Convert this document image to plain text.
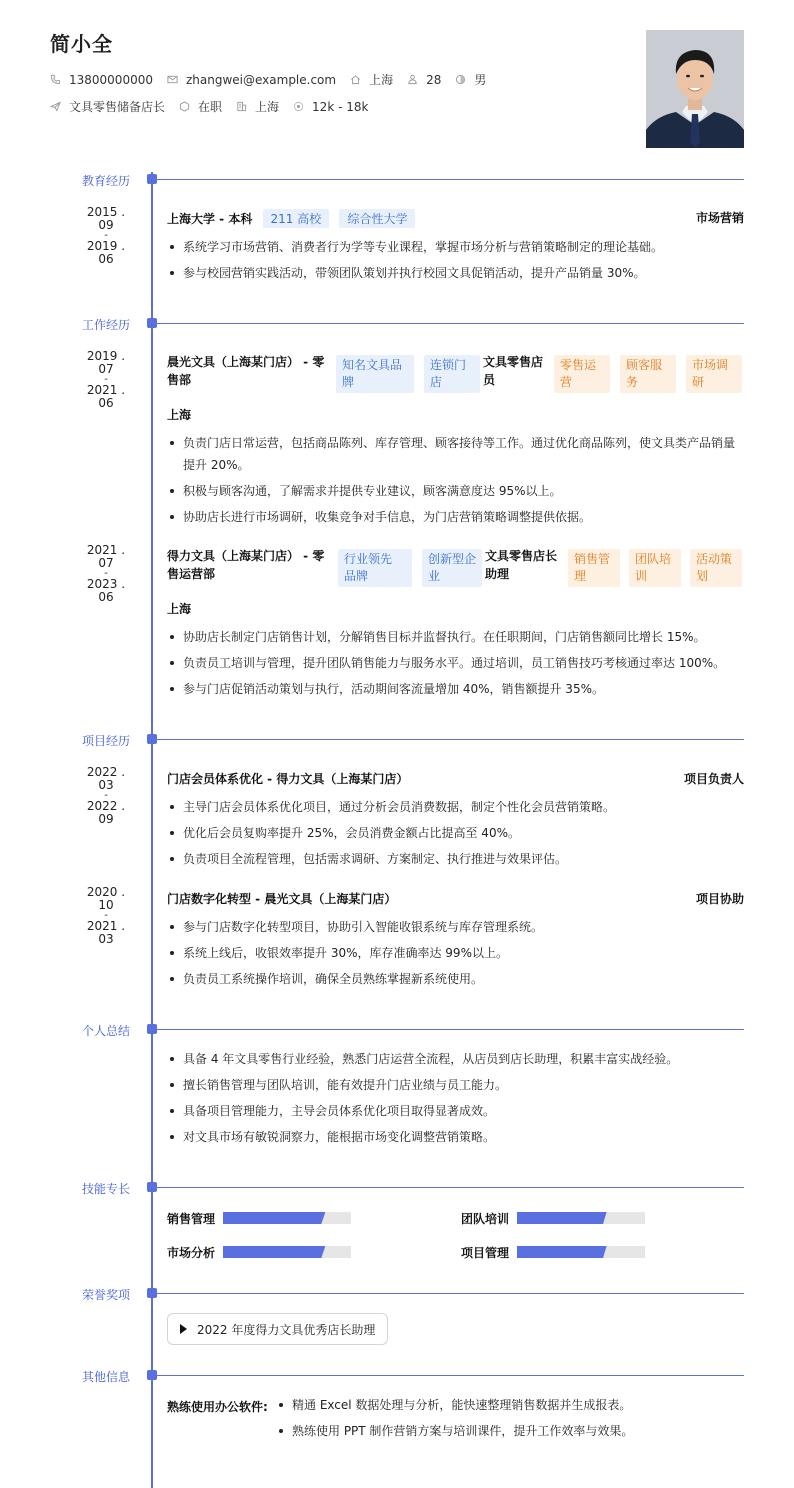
简小全
13800000000	zhangwei@example.com	上海	28	男
文具零售储备店长	在职	上海	12k - 18k
教育经历
2015 . 09
-
2019 . 06
上海大学 - 本科 211 高校 综合性大学	市场营销
系统学习市场营销、消费者行为学等专业课程，掌握市场分析与营销策略制定的理论基础。
参与校园营销实践活动，带领团队策划并执行校园文具促销活动，提升产品销量 30%。
工作经历
2019 . 07
-
2021 . 06
晨光文具（上海某门店） - 零
售部
知名文具品
牌
连锁门
店
文具零售店
员
零售运
营
顾客服
务
市场调
研
上海
负责门店日常运营，包括商品陈列、库存管理、顾客接待等工作。通过优化商品陈列，使文具类产品销量提升 20%。
积极与顾客沟通，了解需求并提供专业建议，顾客满意度达 95%以上。
协助店长进行市场调研，收集竞争对手信息，为门店营销策略调整提供依据。
2021 . 07
-
2023 . 06
得力文具（上海某门店） - 零
售运营部
行业领先
品牌
创新型企
业
文具零售店长
助理
销售管
理
团队培
训
活动策
划
上海
协助店长制定门店销售计划，分解销售目标并监督执行。在任职期间，门店销售额同比增长 15%。
负责员工培训与管理，提升团队销售能力与服务水平。通过培训，员工销售技巧考核通过率达 100%。
参与门店促销活动策划与执行，活动期间客流量增加 40%，销售额提升 35%。
项目经历
2022 . 03
-
2022 . 09
门店会员体系优化 - 得力文具（上海某门店）	项目负责人
主导门店会员体系优化项目，通过分析会员消费数据，制定个性化会员营销策略。
优化后会员复购率提升 25%，会员消费金额占比提高至 40%。
负责项目全流程管理，包括需求调研、方案制定、执行推进与效果评估。
2020 . 10
-
2021 . 03
门店数字化转型 - 晨光文具（上海某门店）	项目协助
参与门店数字化转型项目，协助引入智能收银系统与库存管理系统。
系统上线后，收银效率提升 30%，库存准确率达 99%以上。
负责员工系统操作培训，确保全员熟练掌握新系统使用。
个人总结
具备 4 年文具零售行业经验，熟悉门店运营全流程，从店员到店长助理，积累丰富实战经验。
擅长销售管理与团队培训，能有效提升门店业绩与员工能力。
具备项目管理能力，主导会员体系优化项目取得显著成效。
对文具市场有敏锐洞察力，能根据市场变化调整营销策略。
技能专长
销售管理	团队培训
市场分析	项目管理
荣誉奖项
2022 年度得力文具优秀店长助理
其他信息
熟练使用办公软件:	精通 Excel 数据处理与分析，能快速整理销售数据并生成报表。
熟练使用 PPT 制作营销方案与培训课件，提升工作效率与效果。
